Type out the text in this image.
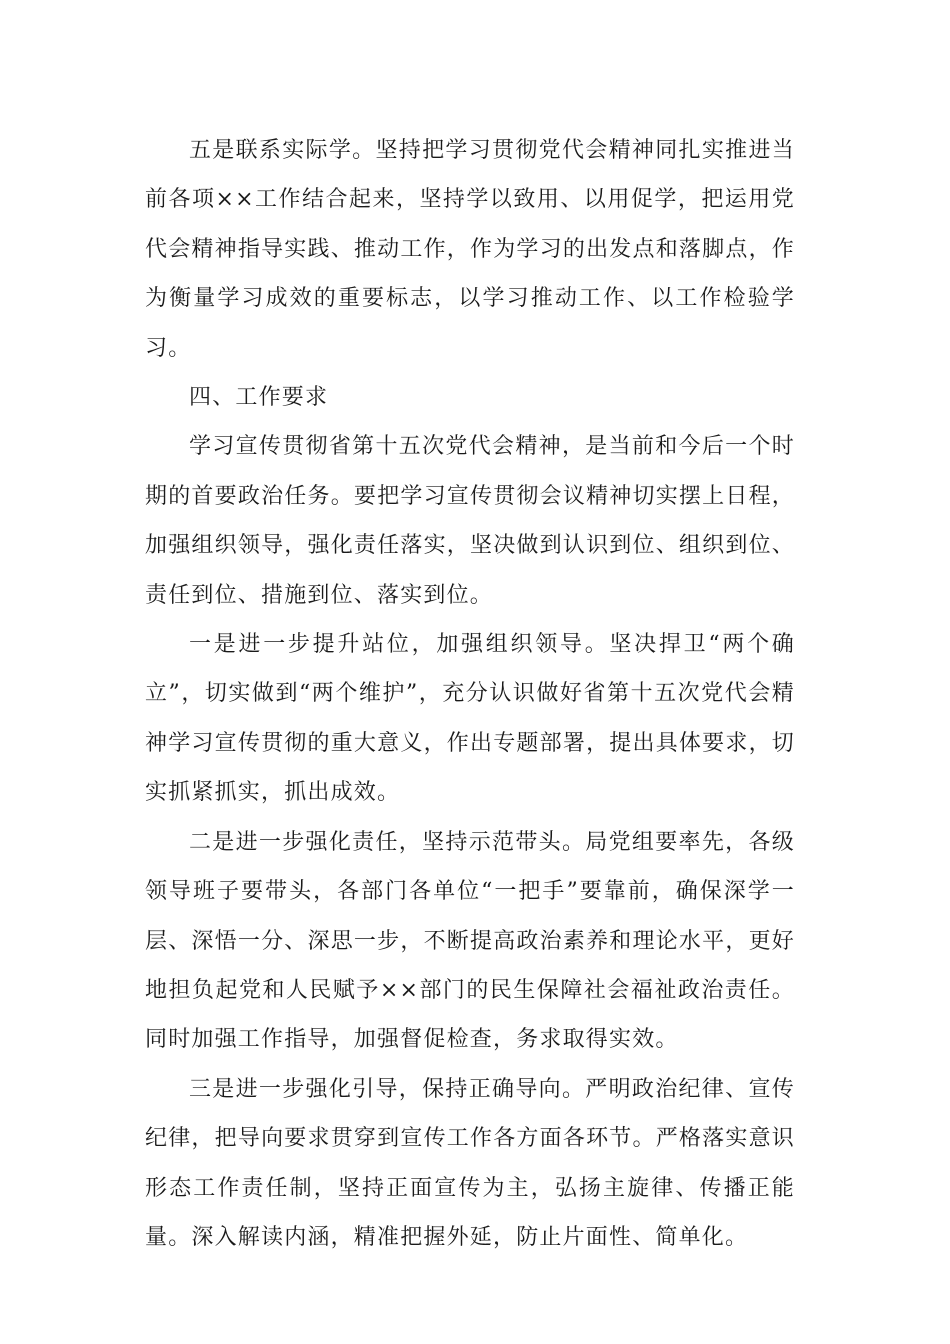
五是联系实际学。坚持把学习贯彻党代会精神同扎实推进当前各项××工作结合起来，坚持学以致用、以用促学，把运用党代会精神指导实践、推动工作，作为学习的出发点和落脚点，作为衡量学习成效的重要标志，以学习推动工作、以工作检验学习。

四、工作要求

学习宣传贯彻省第十五次党代会精神，是当前和今后一个时期的首要政治任务。要把学习宣传贯彻会议精神切实摆上日程，加强组织领导，强化责任落实，坚决做到认识到位、组织到位、责任到位、措施到位、落实到位。

一是进一步提升站位，加强组织领导。坚决捍卫“两个确立”，切实做到“两个维护”，充分认识做好省第十五次党代会精神学习宣传贯彻的重大意义，作出专题部署，提出具体要求，切实抓紧抓实，抓出成效。

二是进一步强化责任，坚持示范带头。局党组要率先，各级领导班子要带头，各部门各单位“一把手”要靠前，确保深学一层、深悟一分、深思一步，不断提高政治素养和理论水平，更好地担负起党和人民赋予××部门的民生保障社会福祉政治责任。同时加强工作指导，加强督促检查，务求取得实效。

三是进一步强化引导，保持正确导向。严明政治纪律、宣传纪律，把导向要求贯穿到宣传工作各方面各环节。严格落实意识形态工作责任制，坚持正面宣传为主，弘扬主旋律、传播正能量。深入解读内涵，精准把握外延，防止片面性、简单化。
